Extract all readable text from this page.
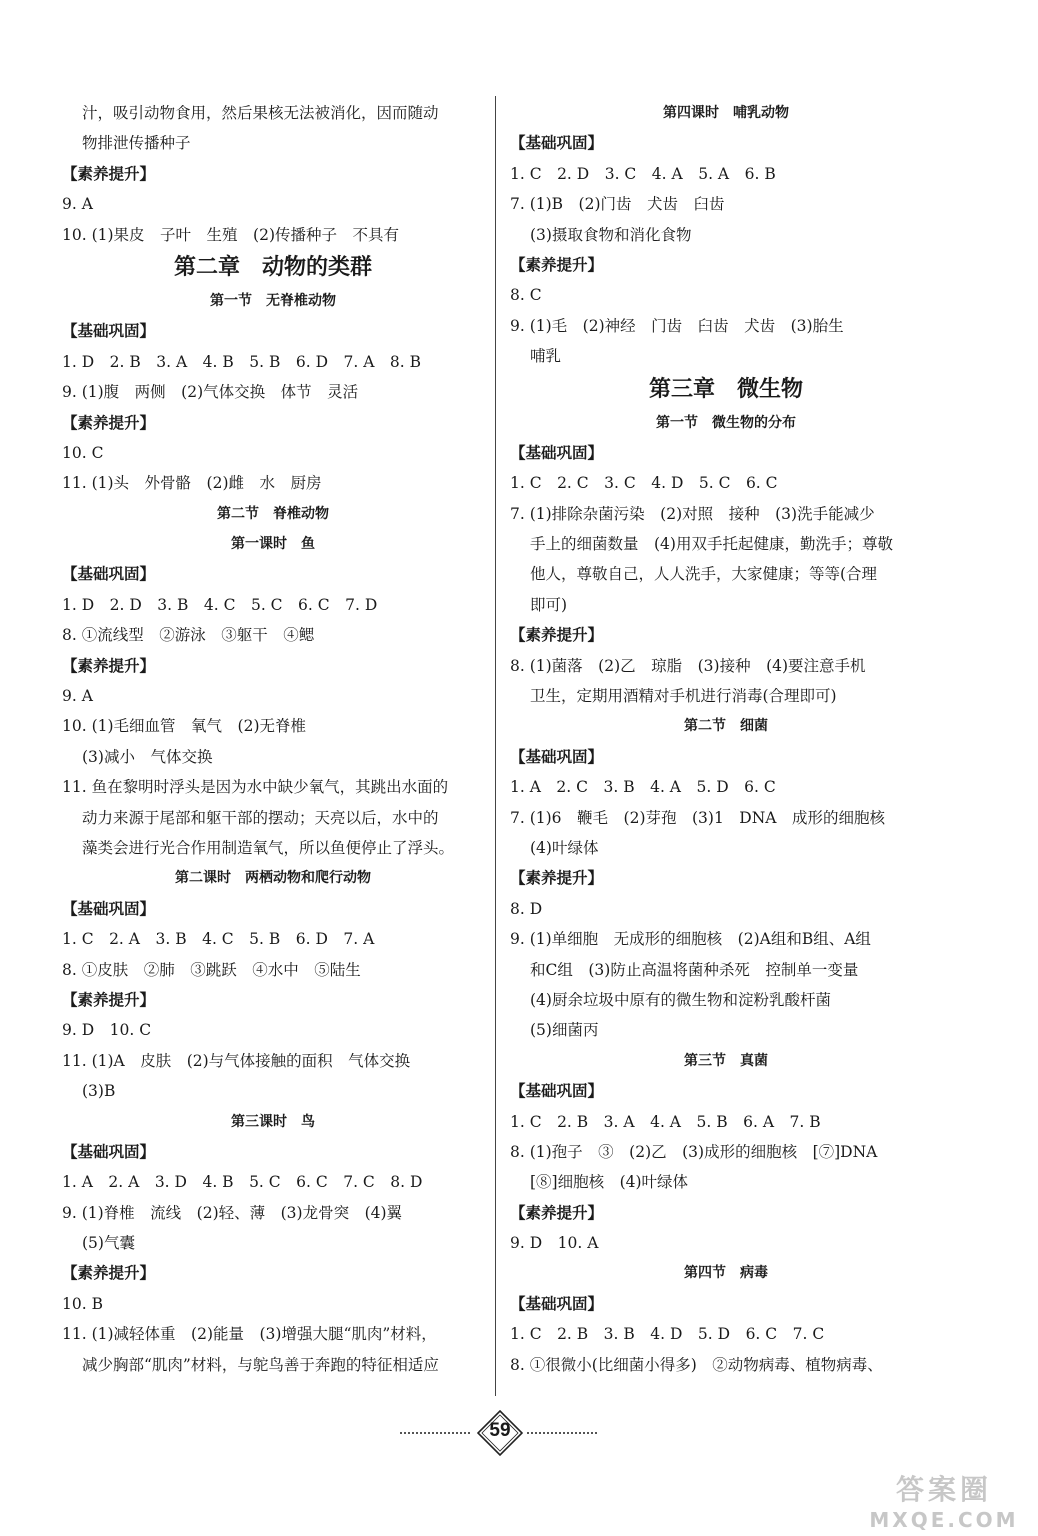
汁，吸引动物食用，然后果核无法被消化，因而随动
物排泄传播种子
【素养提升】
9. A
10. (1)果皮　子叶　生殖　(2)传播种子　不具有
第二章　动物的类群
第一节　无脊椎动物
【基础巩固】
1. D　2. B　3. A　4. B　5. B　6. D　7. A　8. B
9. (1)腹　两侧　(2)气体交换　体节　灵活
【素养提升】
10. C
11. (1)头　外骨骼　(2)雌　水　厨房
第二节　脊椎动物
第一课时　鱼
【基础巩固】
1. D　2. D　3. B　4. C　5. C　6. C　7. D
8. ①流线型　②游泳　③躯干　④鳃
【素养提升】
9. A
10. (1)毛细血管　氧气　(2)无脊椎
(3)减小　气体交换
11. 鱼在黎明时浮头是因为水中缺少氧气，其跳出水面的
动力来源于尾部和躯干部的摆动；天亮以后，水中的
藻类会进行光合作用制造氧气，所以鱼便停止了浮头。
第二课时　两栖动物和爬行动物
【基础巩固】
1. C　2. A　3. B　4. C　5. B　6. D　7. A
8. ①皮肤　②肺　③跳跃　④水中　⑤陆生
【素养提升】
9. D　10. C
11. (1)A　皮肤　(2)与气体接触的面积　气体交换
(3)B
第三课时　鸟
【基础巩固】
1. A　2. A　3. D　4. B　5. C　6. C　7. C　8. D
9. (1)脊椎　流线　(2)轻、薄　(3)龙骨突　(4)翼
(5)气囊
【素养提升】
10. B
11. (1)减轻体重　(2)能量　(3)增强大腿“肌肉”材料，
减少胸部“肌肉”材料，与鸵鸟善于奔跑的特征相适应
第四课时　哺乳动物
【基础巩固】
1. C　2. D　3. C　4. A　5. A　6. B
7. (1)B　(2)门齿　犬齿　臼齿
(3)摄取食物和消化食物
【素养提升】
8. C
9. (1)毛　(2)神经　门齿　臼齿　犬齿　(3)胎生
哺乳
第三章　微生物
第一节　微生物的分布
【基础巩固】
1. C　2. C　3. C　4. D　5. C　6. C
7. (1)排除杂菌污染　(2)对照　接种　(3)洗手能减少
手上的细菌数量　(4)用双手托起健康，勤洗手；尊敬
他人，尊敬自己，人人洗手，大家健康；等等(合理
即可)
【素养提升】
8. (1)菌落　(2)乙　琼脂　(3)接种　(4)要注意手机
卫生，定期用酒精对手机进行消毒(合理即可)
第二节　细菌
【基础巩固】
1. A　2. C　3. B　4. A　5. D　6. C
7. (1)6　鞭毛　(2)芽孢　(3)1　DNA　成形的细胞核
(4)叶绿体
【素养提升】
8. D
9. (1)单细胞　无成形的细胞核　(2)A组和B组、A组
和C组　(3)防止高温将菌种杀死　控制单一变量
(4)厨余垃圾中原有的微生物和淀粉乳酸杆菌
(5)细菌丙
第三节　真菌
【基础巩固】
1. C　2. B　3. A　4. A　5. B　6. A　7. B
8. (1)孢子　③　(2)乙　(3)成形的细胞核　[⑦]DNA
[⑧]细胞核　(4)叶绿体
【素养提升】
9. D　10. A
第四节　病毒
【基础巩固】
1. C　2. B　3. B　4. D　5. D　6. C　7. C
8. ①很微小(比细菌小得多)　②动物病毒、植物病毒、
59
答案圈
MXQE.COM
